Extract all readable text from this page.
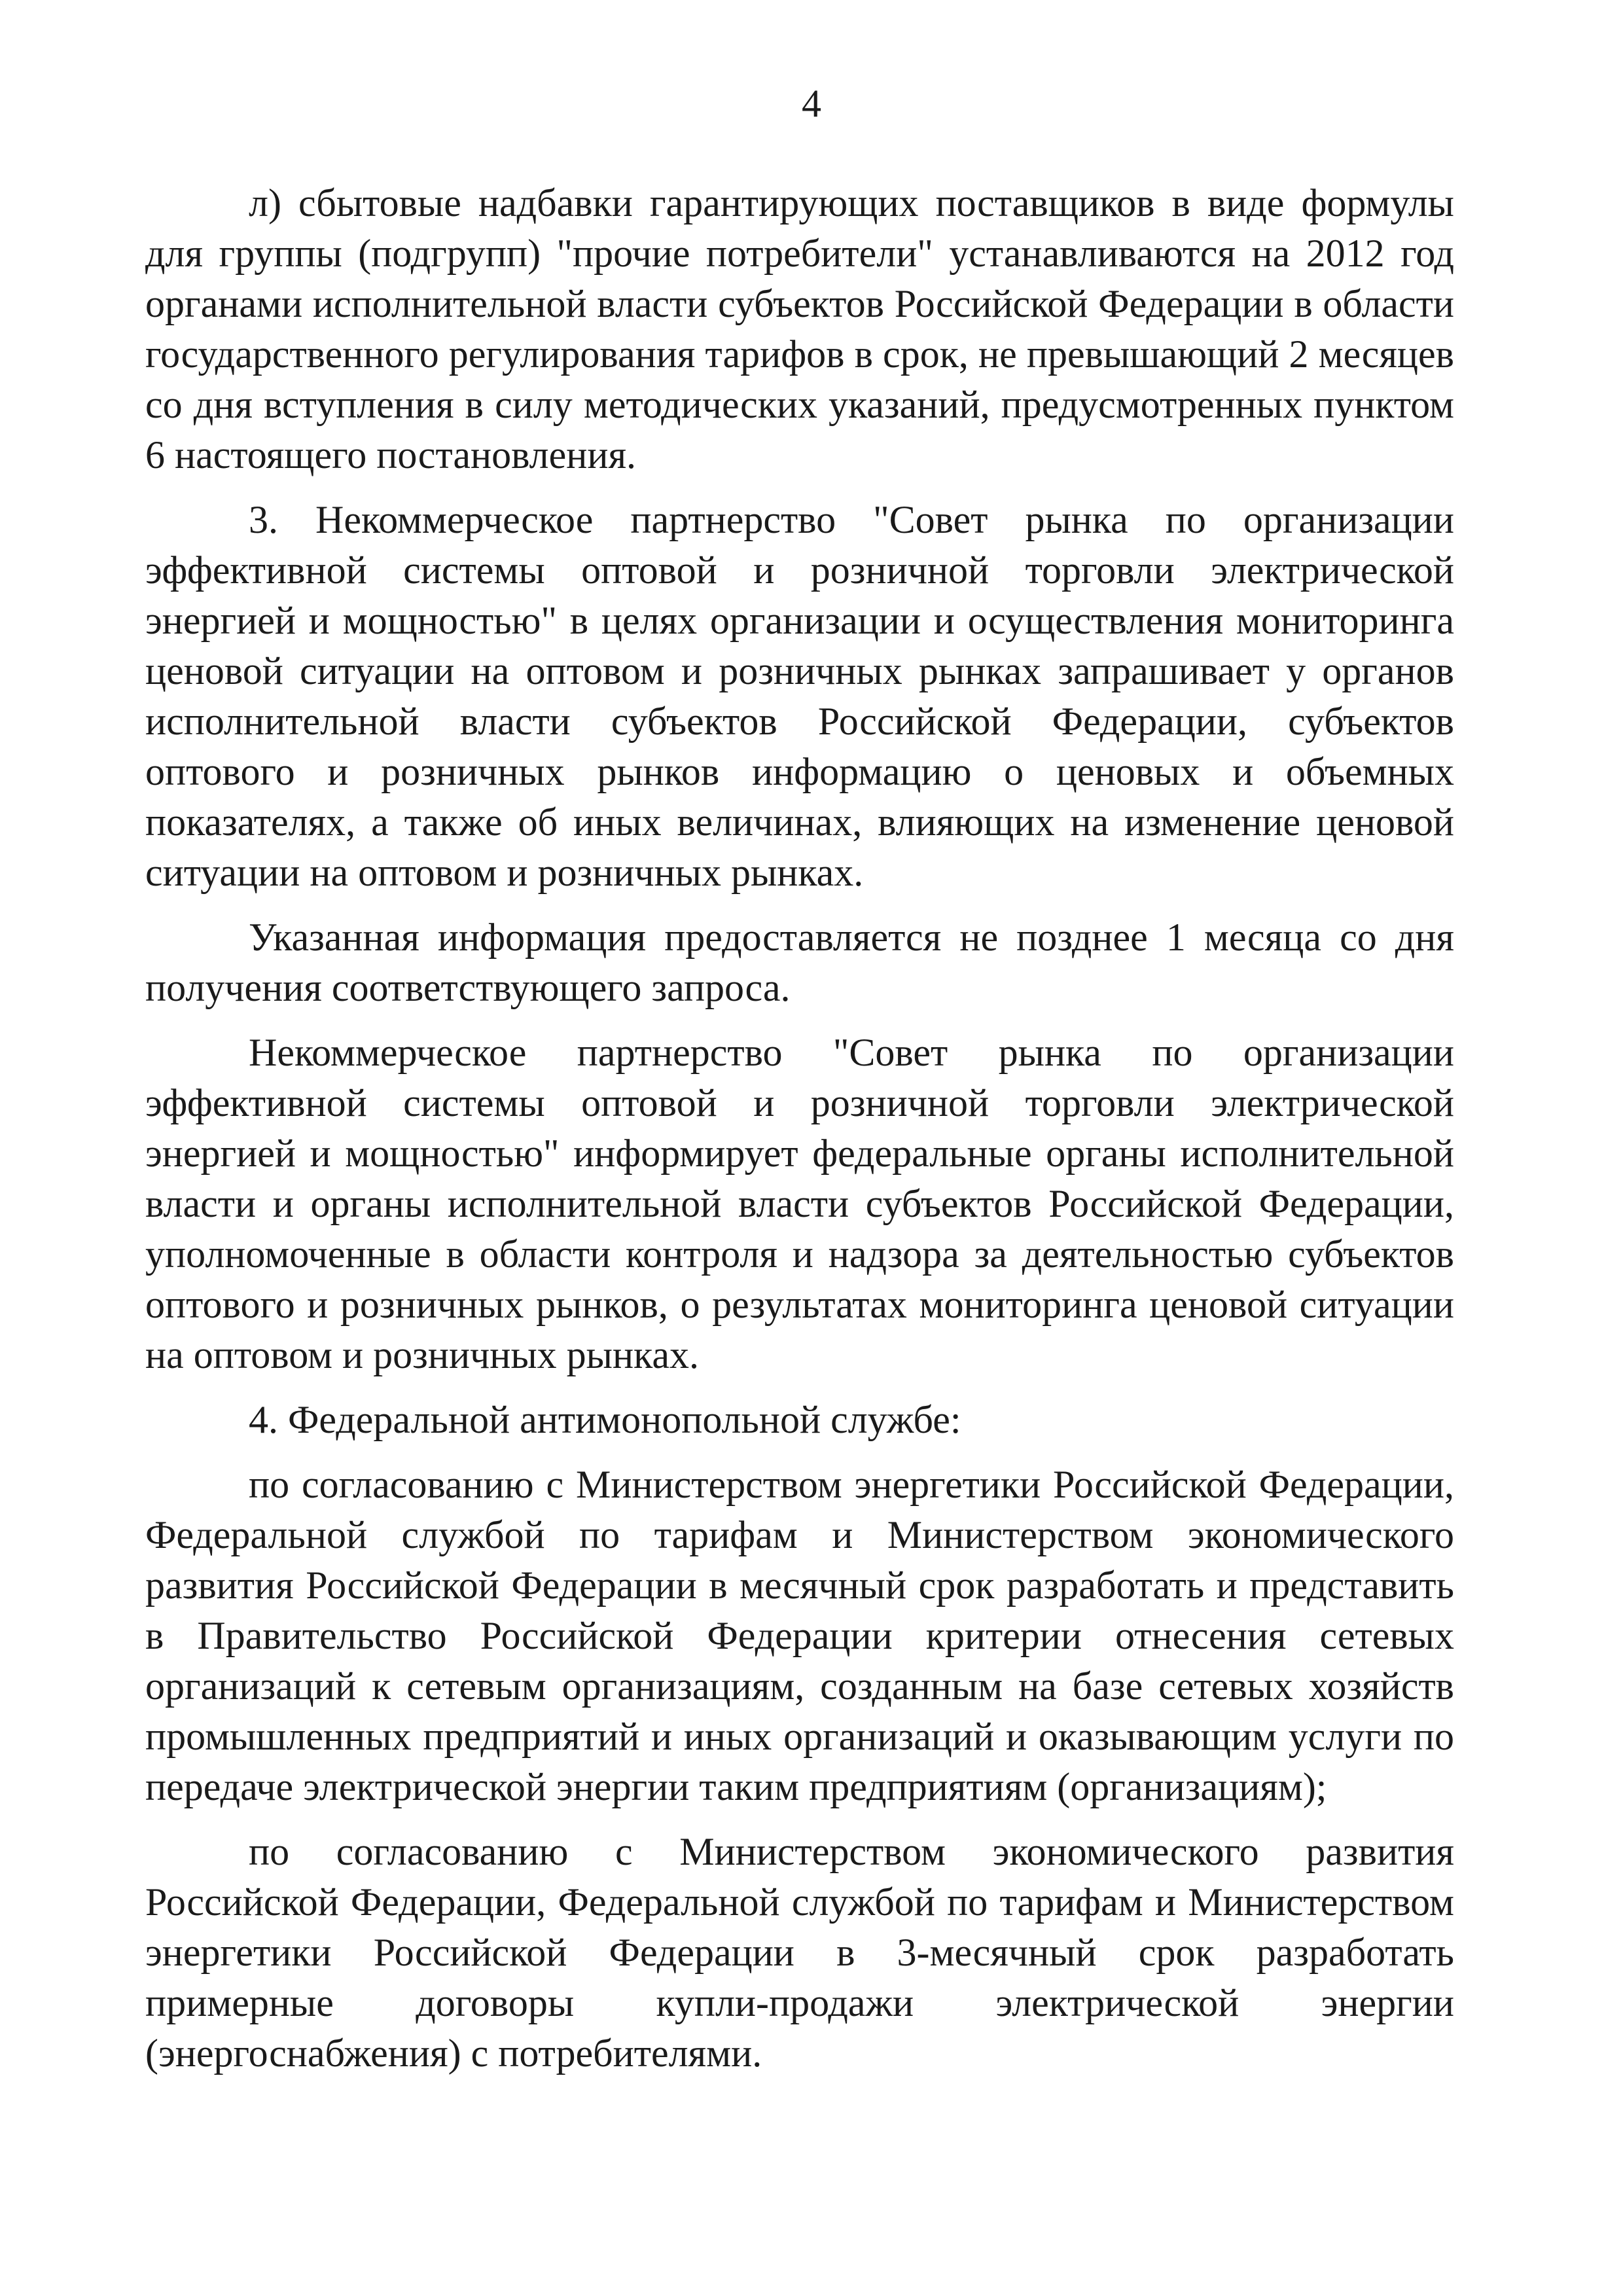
4

л) сбытовые надбавки гарантирующих поставщиков в виде формулы для группы (подгрупп) "прочие потребители" устанавливаются на 2012 год органами исполнительной власти субъектов Российской Федерации в области государственного регулирования тарифов в срок, не превышающий 2 месяцев со дня вступления в силу методических указаний, предусмотренных пунктом 6 настоящего постановления.

3. Некоммерческое партнерство "Совет рынка по организации эффективной системы оптовой и розничной торговли электрической энергией и мощностью" в целях организации и осуществления мониторинга ценовой ситуации на оптовом и розничных рынках запрашивает у органов исполнительной власти субъектов Российской Федерации, субъектов оптового и розничных рынков информацию о ценовых и объемных показателях, а также об иных величинах, влияющих на изменение ценовой ситуации на оптовом и розничных рынках.

Указанная информация предоставляется не позднее 1 месяца со дня получения соответствующего запроса.

Некоммерческое партнерство "Совет рынка по организации эффективной системы оптовой и розничной торговли электрической энергией и мощностью" информирует федеральные органы исполнительной власти и органы исполнительной власти субъектов Российской Федерации, уполномоченные в области контроля и надзора за деятельностью субъектов оптового и розничных рынков, о результатах мониторинга ценовой ситуации на оптовом и розничных рынках.

4. Федеральной антимонопольной службе:

по согласованию с Министерством энергетики Российской Федерации, Федеральной службой по тарифам и Министерством экономического развития Российской Федерации в месячный срок разработать и представить в Правительство Российской Федерации критерии отнесения сетевых организаций к сетевым организациям, созданным на базе сетевых хозяйств промышленных предприятий и иных организаций и оказывающим услуги по передаче электрической энергии таким предприятиям (организациям);

по согласованию с Министерством экономического развития Российской Федерации, Федеральной службой по тарифам и Министерством энергетики Российской Федерации в 3-месячный срок разработать примерные договоры купли-продажи электрической энергии (энергоснабжения) с потребителями.
